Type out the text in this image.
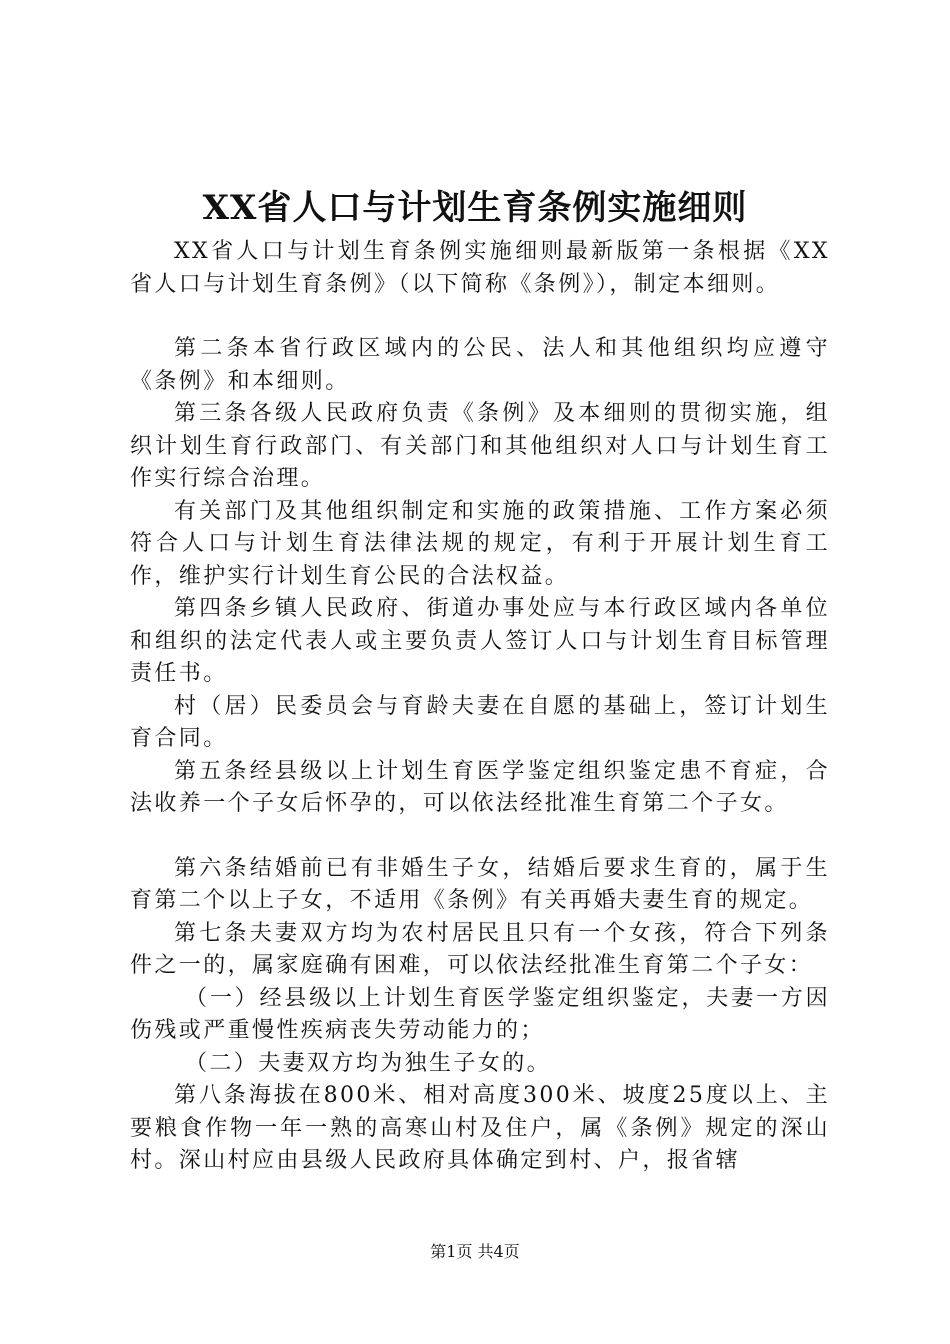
XX省人口与计划生育条例实施细则

XX省人口与计划生育条例实施细则最新版第一条根据《XX省人口与计划生育条例》（以下简称《条例》），制定本细则。

第二条本省行政区域内的公民、法人和其他组织均应遵守《条例》和本细则。

第三条各级人民政府负责《条例》及本细则的贯彻实施，组织计划生育行政部门、有关部门和其他组织对人口与计划生育工作实行综合治理。

有关部门及其他组织制定和实施的政策措施、工作方案必须符合人口与计划生育法律法规的规定，有利于开展计划生育工作，维护实行计划生育公民的合法权益。

第四条乡镇人民政府、街道办事处应与本行政区域内各单位和组织的法定代表人或主要负责人签订人口与计划生育目标管理责任书。

村（居）民委员会与育龄夫妻在自愿的基础上，签订计划生育合同。

第五条经县级以上计划生育医学鉴定组织鉴定患不育症，合法收养一个子女后怀孕的，可以依法经批准生育第二个子女。

第六条结婚前已有非婚生子女，结婚后要求生育的，属于生育第二个以上子女，不适用《条例》有关再婚夫妻生育的规定。

第七条夫妻双方均为农村居民且只有一个女孩，符合下列条件之一的，属家庭确有困难，可以依法经批准生育第二个子女：

（一）经县级以上计划生育医学鉴定组织鉴定，夫妻一方因伤残或严重慢性疾病丧失劳动能力的；

（二）夫妻双方均为独生子女的。

第八条海拔在800米、相对高度300米、坡度25度以上、主要粮食作物一年一熟的高寒山村及住户，属《条例》规定的深山村。深山村应由县级人民政府具体确定到村、户，报省辖

第1页 共4页
